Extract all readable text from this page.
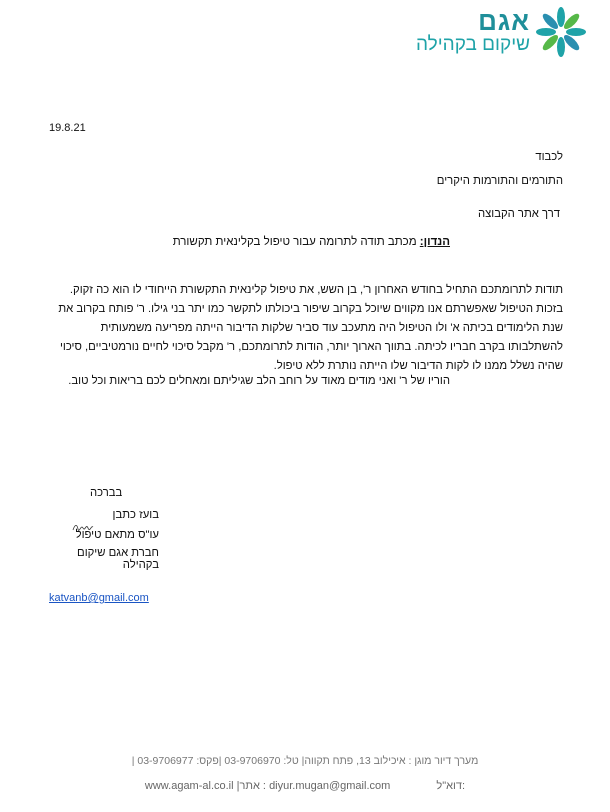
אגם
שיקום בקהילה
19.8.21
לכבוד
התורמים והתורמות היקרים
דרך אתר הקבוצה
הנדון: מכתב תודה לתרומה עבור טיפול בקלינאית תקשורת
תודות לתרומתכם התחיל בחודש האחרון ר', בן השש, את טיפול קלינאית התקשורת הייחודי לו הוא כה זקוק.
בזכות הטיפול שאפשרתם אנו מקווים שיוכל בקרוב שיפור ביכולתו לתקשר כמו יתר בני גילו. ר' פותח בקרוב את
שנת הלימודים בכיתה א' ולו הטיפול היה מתעכב עוד סביר שלקות הדיבור הייתה מפריעה משמעותית
להשתלבותו בקרב חבריו לכיתה. בתווך הארוך יותר, הודות לתרומתכם, ר' מקבל סיכוי לחיים נורמטיביים, סיכוי
שהיה נשלל ממנו לו לקות הדיבור שלו הייתה נותרת ללא טיפול.
הוריו של ר' ואני מודים מאוד על רוחב הלב שגיליתם ומאחלים לכם בריאות וכל טוב.
בברכה
בועז כתבן
עו"ס מתאם טיפול
חברת אגם שיקום בקהילה
katvanb@gmail.com
מערך דיור מוגן : איכילוב 13, פתח תקווה| טל: 03-9706970 |פקס: 03-9706977 |
www.agam-al.co.il |אתר : diyur.mugan@gmail.com	דוא"ל:
